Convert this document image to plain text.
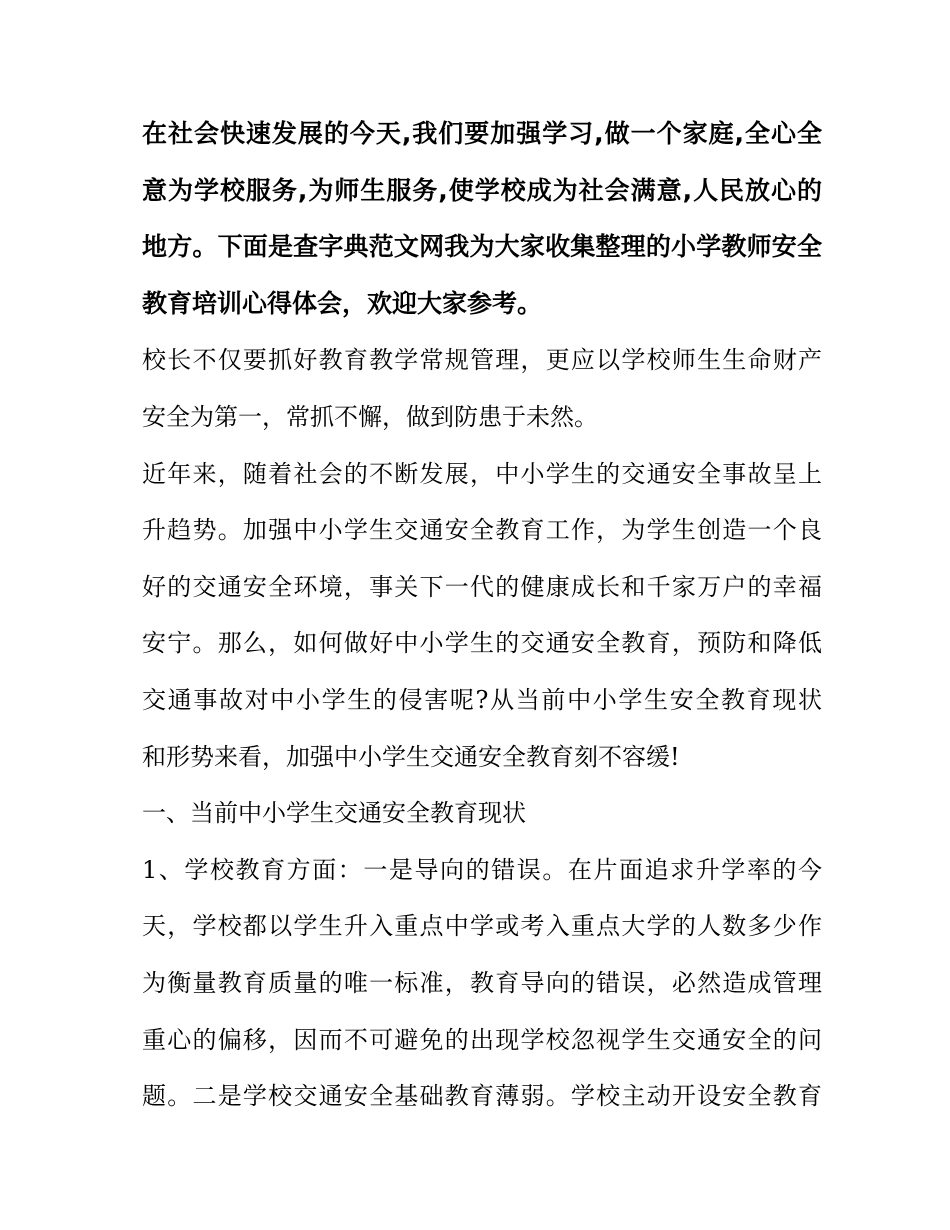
在社会快速发展的今天,我们要加强学习,做一个家庭,全心全
意为学校服务,为师生服务,使学校成为社会满意,人民放心的
地方。下面是查字典范文网我为大家收集整理的小学教师安全
教育培训心得体会，欢迎大家参考。
校长不仅要抓好教育教学常规管理，更应以学校师生生命财产
安全为第一，常抓不懈，做到防患于未然。
近年来，随着社会的不断发展，中小学生的交通安全事故呈上
升趋势。加强中小学生交通安全教育工作，为学生创造一个良
好的交通安全环境，事关下一代的健康成长和千家万户的幸福
安宁。那么，如何做好中小学生的交通安全教育，预防和降低
交通事故对中小学生的侵害呢?从当前中小学生安全教育现状
和形势来看，加强中小学生交通安全教育刻不容缓!
一、当前中小学生交通安全教育现状
1、学校教育方面：一是导向的错误。在片面追求升学率的今
天，学校都以学生升入重点中学或考入重点大学的人数多少作
为衡量教育质量的唯一标准，教育导向的错误，必然造成管理
重心的偏移，因而不可避免的出现学校忽视学生交通安全的问
题。二是学校交通安全基础教育薄弱。学校主动开设安全教育
